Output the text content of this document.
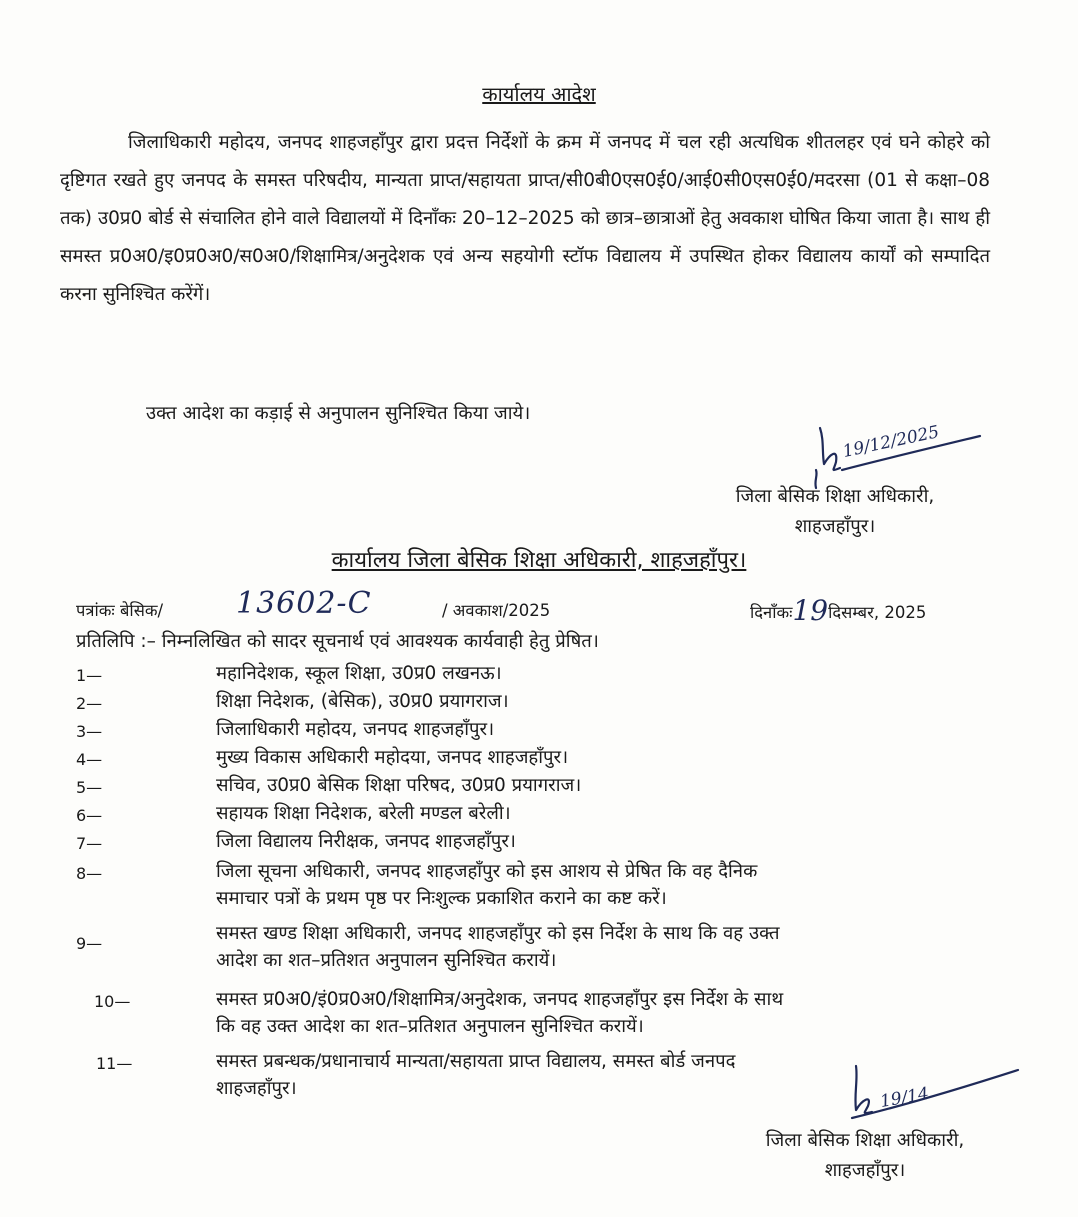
कार्यालय आदेश
जिलाधिकारी महोदय, जनपद शाहजहाँपुर द्वारा प्रदत्त निर्देशों के क्रम में जनपद में चल रही अत्यधिक शीतलहर एवं घने कोहरे को दृष्टिगत रखते हुए जनपद के समस्त परिषदीय, मान्यता प्राप्त/सहायता प्राप्त/सी0बी0एस0ई0/आई0सी0एस0ई0/मदरसा (01 से कक्षा–08 तक) उ0प्र0 बोर्ड से संचालित होने वाले विद्यालयों में दिनाँकः 20–12–2025 को छात्र–छात्राओं हेतु अवकाश घोषित किया जाता है। साथ ही समस्त प्र0अ0/इ0प्र0अ0/स0अ0/शिक्षामित्र/अनुदेशक एवं अन्य सहयोगी स्टॉफ विद्यालय में उपस्थित होकर विद्यालय कार्यों को सम्पादित करना सुनिश्चित करेंगें।
उक्त आदेश का कड़ाई से अनुपालन सुनिश्चित किया जाये।
19/12/2025
जिला बेसिक शिक्षा अधिकारी,
शाहजहाँपुर।
कार्यालय जिला बेसिक शिक्षा अधिकारी, शाहजहाँपुर।
पत्रांकः बेसिक/ 13602-C	/ अवकाश/2025	दिनाँकः19दिसम्बर, 2025
प्रतिलिपि :– निम्नलिखित को सादर सूचनार्थ एवं आवश्यक कार्यवाही हेतु प्रेषित।
1—	महानिदेशक, स्कूल शिक्षा, उ0प्र0 लखनऊ।
2—	शिक्षा निदेशक, (बेसिक), उ0प्र0 प्रयागराज।
3—	जिलाधिकारी महोदय, जनपद शाहजहाँपुर।
4—	मुख्य विकास अधिकारी महोदया, जनपद शाहजहाँपुर।
5—	सचिव, उ0प्र0 बेसिक शिक्षा परिषद, उ0प्र0 प्रयागराज।
6—	सहायक शिक्षा निदेशक, बरेली मण्डल बरेली।
7—	जिला विद्यालय निरीक्षक, जनपद शाहजहाँपुर।
8—	जिला सूचना अधिकारी, जनपद शाहजहाँपुर को इस आशय से प्रेषित कि वह दैनिक
समाचार पत्रों के प्रथम पृष्ठ पर निःशुल्क प्रकाशित कराने का कष्ट करें।
9—	समस्त खण्ड शिक्षा अधिकारी, जनपद शाहजहाँपुर को इस निर्देश के साथ कि वह उक्त
आदेश का शत–प्रतिशत अनुपालन सुनिश्चित करायें।
10—	समस्त प्र0अ0/इं0प्र0अ0/शिक्षामित्र/अनुदेशक, जनपद शाहजहाँपुर इस निर्देश के साथ
कि वह उक्त आदेश का शत–प्रतिशत अनुपालन सुनिश्चित करायें।
11—	समस्त प्रबन्धक/प्रधानाचार्य मान्यता/सहायता प्राप्त विद्यालय, समस्त बोर्ड जनपद
शाहजहाँपुर।	19/14
जिला बेसिक शिक्षा अधिकारी,
शाहजहाँपुर।
